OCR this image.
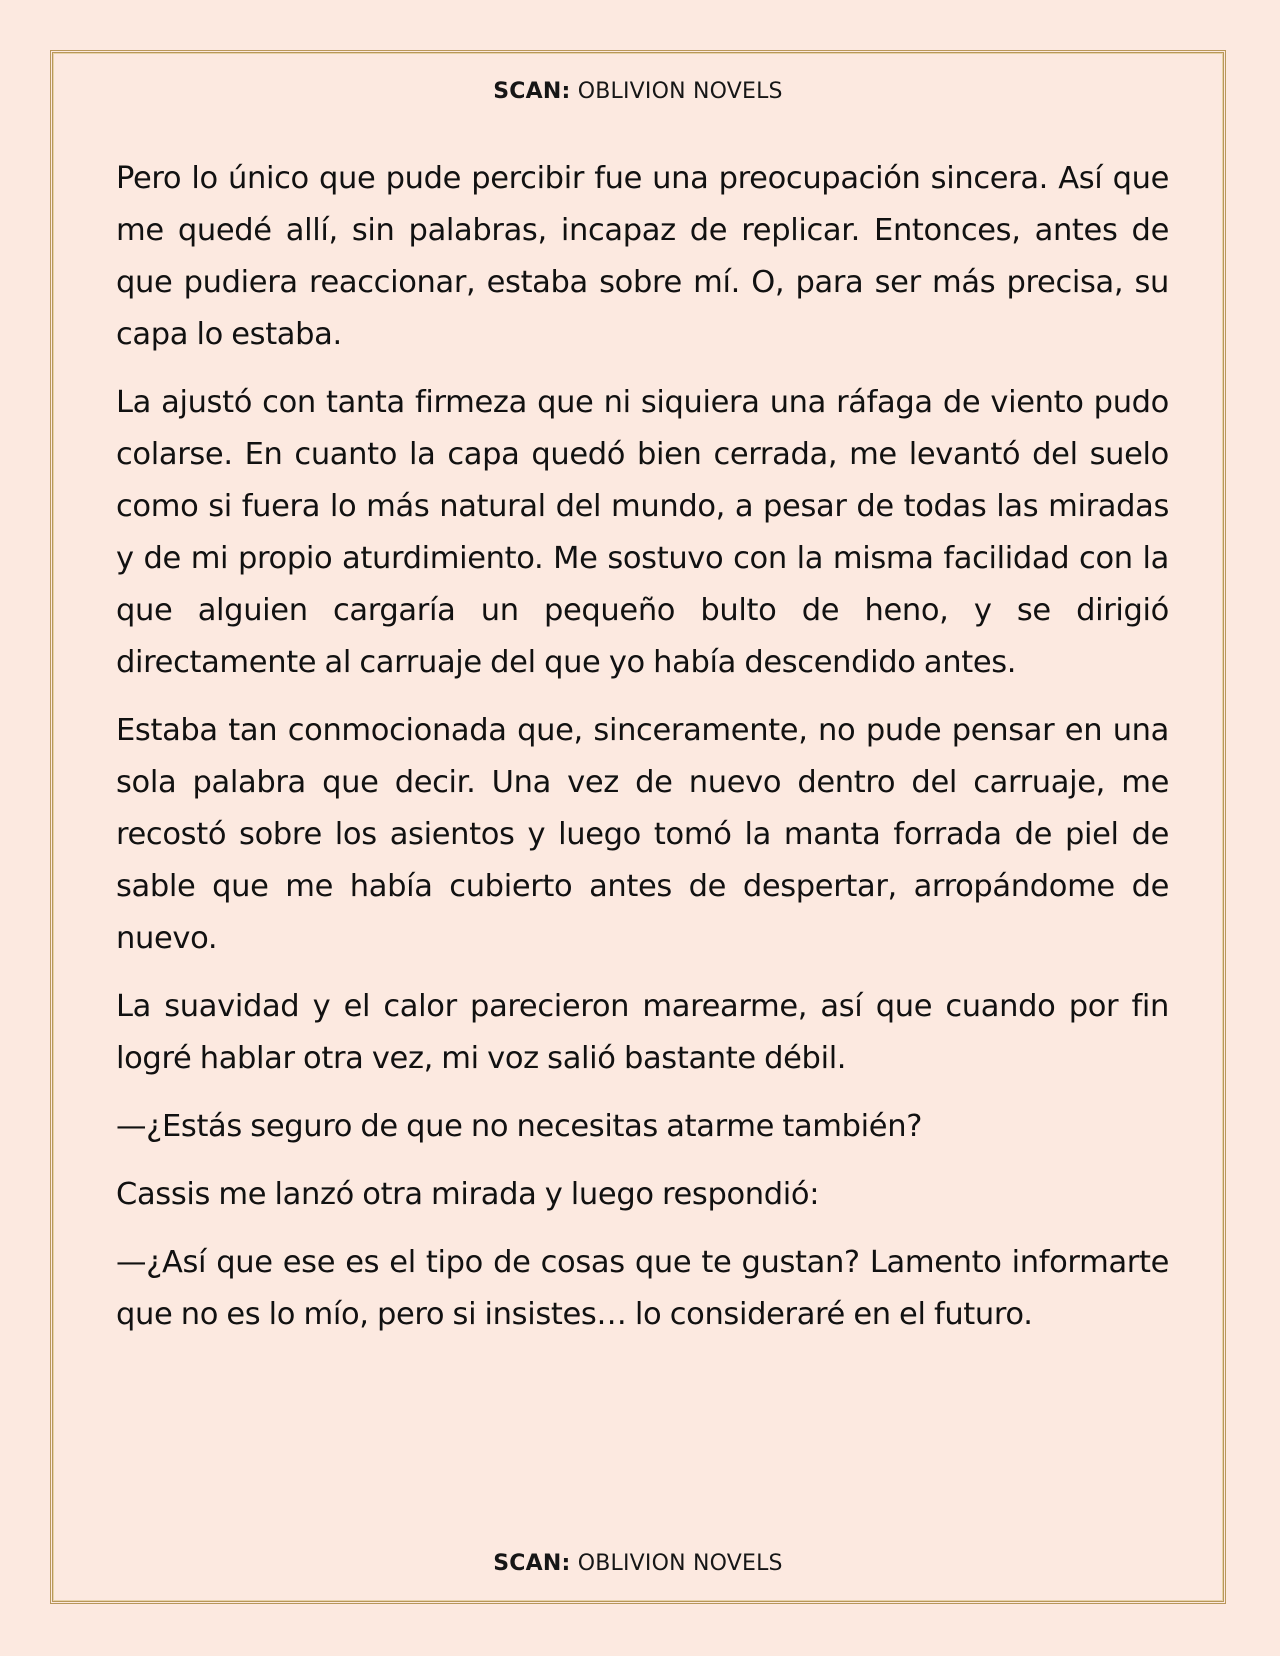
SCAN: OBLIVION NOVELS

Pero lo único que pude percibir fue una preocupación sincera. Así que me quedé allí, sin palabras, incapaz de replicar. Entonces, antes de que pudiera reaccionar, estaba sobre mí. O, para ser más precisa, su capa lo estaba.

La ajustó con tanta firmeza que ni siquiera una ráfaga de viento pudo colarse. En cuanto la capa quedó bien cerrada, me levantó del suelo como si fuera lo más natural del mundo, a pesar de todas las miradas y de mi propio aturdimiento. Me sostuvo con la misma facilidad con la que alguien cargaría un pequeño bulto de heno, y se dirigió directamente al carruaje del que yo había descendido antes.

Estaba tan conmocionada que, sinceramente, no pude pensar en una sola palabra que decir. Una vez de nuevo dentro del carruaje, me recostó sobre los asientos y luego tomó la manta forrada de piel de sable que me había cubierto antes de despertar, arropándome de nuevo.

La suavidad y el calor parecieron marearme, así que cuando por fin logré hablar otra vez, mi voz salió bastante débil.

—¿Estás seguro de que no necesitas atarme también?

Cassis me lanzó otra mirada y luego respondió:

—¿Así que ese es el tipo de cosas que te gustan? Lamento informarte que no es lo mío, pero si insistes… lo consideraré en el futuro.

SCAN: OBLIVION NOVELS
